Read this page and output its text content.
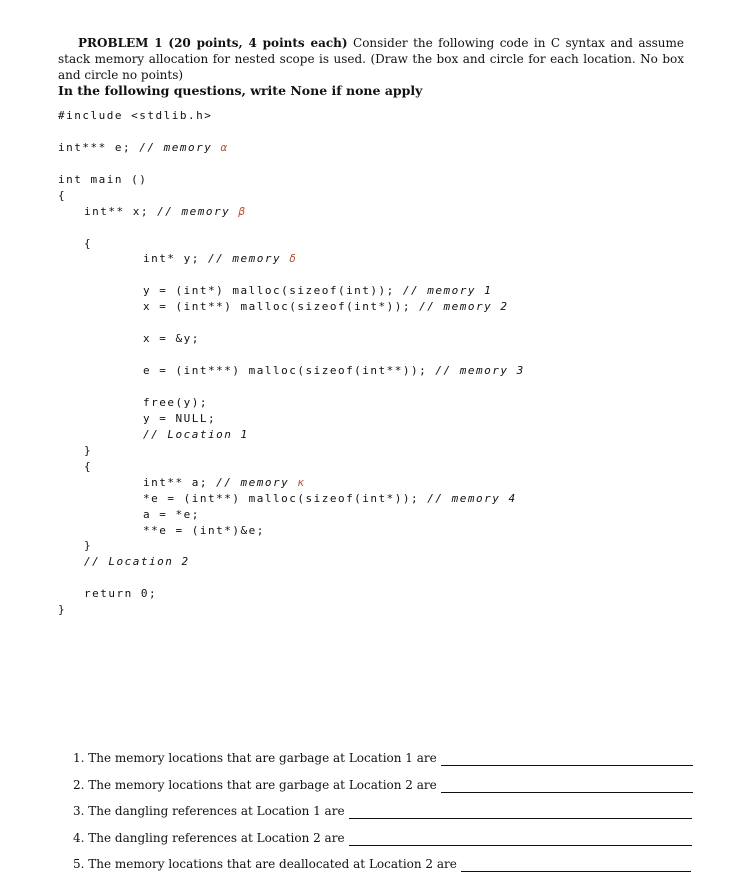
PROBLEM 1 (20 points, 4 points each) Consider the following code in C syntax and assume stack memory allocation for nested scope is used. (Draw the box and circle for each location. No box and circle no points)
In the following questions, write None if none apply
#include <stdlib.h>
int*** e; // memory α
int main ()
{
int** x; // memory β
{
int* y; // memory δ
y = (int*) malloc(sizeof(int)); // memory 1
x = (int**) malloc(sizeof(int*)); // memory 2
x = &y;
e = (int***) malloc(sizeof(int**)); // memory 3
free(y);
y = NULL;
// Location 1
}
{
int** a; // memory κ
*e = (int**) malloc(sizeof(int*)); // memory 4
a = *e;
**e = (int*)&e;
}
// Location 2
return 0;
}
1.
The memory locations that are garbage at Location 1 are
2.
The memory locations that are garbage at Location 2 are
3.
The dangling references at Location 1 are
4.
The dangling references at Location 2 are
5.
The memory locations that are deallocated at Location 2 are
